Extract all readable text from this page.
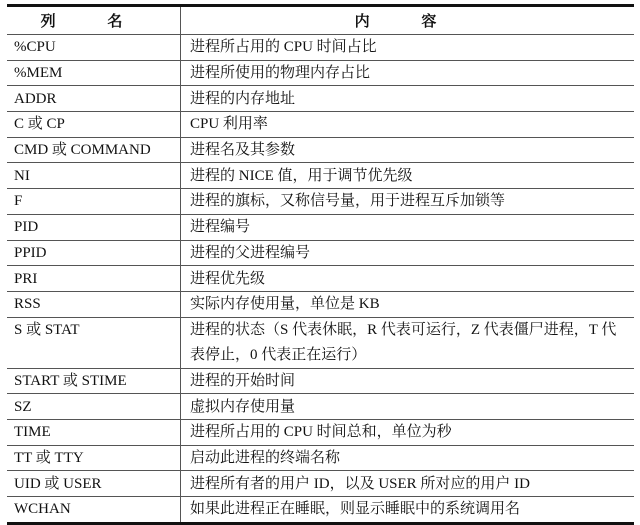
列 名	内 容
%CPU	进程所占用的 CPU 时间占比
%MEM	进程所使用的物理内存占比
ADDR	进程的内存地址
C 或 CP	CPU 利用率
CMD 或 COMMAND	进程名及其参数
NI	进程的 NICE 值，用于调节优先级
F	进程的旗标，又称信号量，用于进程互斥加锁等
PID	进程编号
PPID	进程的父进程编号
PRI	进程优先级
RSS	实际内存使用量，单位是 KB
S 或 STAT	进程的状态（S 代表休眠，R 代表可运行，Z 代表僵尸进程，T 代表停止，0 代表正在运行）
START 或 STIME	进程的开始时间
SZ	虚拟内存使用量
TIME	进程所占用的 CPU 时间总和，单位为秒
TT 或 TTY	启动此进程的终端名称
UID 或 USER	进程所有者的用户 ID，以及 USER 所对应的用户 ID
WCHAN	如果此进程正在睡眠，则显示睡眠中的系统调用名
